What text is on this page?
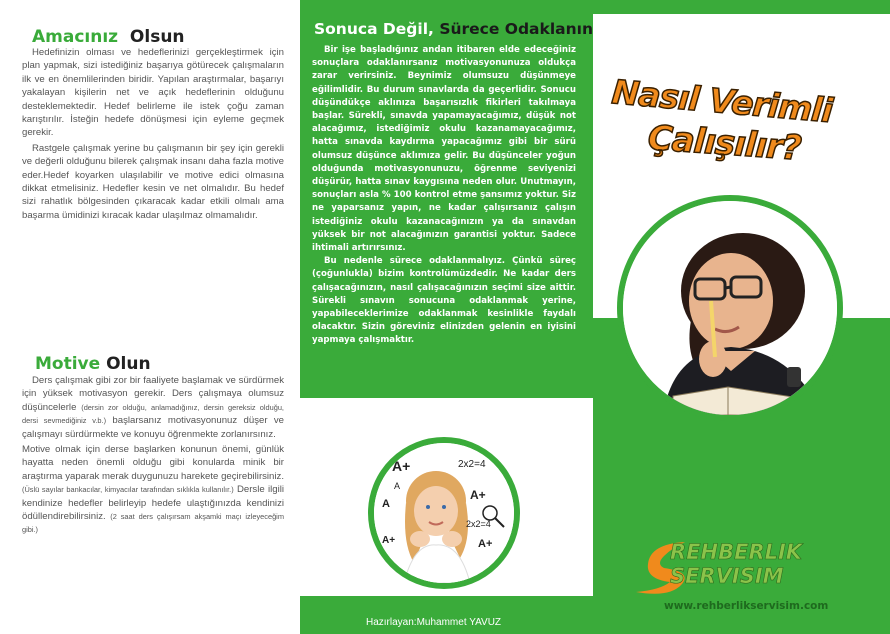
Amacınız Olsun

Hedefinizin olması ve hedeflerinizi gerçekleştirmek için plan yapmak, sizi istediğiniz başarıya götürecek çalışmaların ilk ve en önemlilerinden biridir. Yapılan araştırmalar, başarıyı yakalayan kişilerin net ve açık hedeflerinin olduğunu desteklemektedir. Hedef belirleme ile istek çoğu zaman karıştırılır. İsteğin hedefe dönüşmesi için eyleme geçmek gerekir.

Rastgele çalışmak yerine bu çalışmanın bir şey için gerekli ve değerli olduğunu bilerek çalışmak insanı daha fazla motive eder.Hedef koyarken ulaşılabilir ve motive edici olmasına dikkat etmelisiniz. Hedefler kesin ve net olmalıdır. Bu hedef sizi rahatlık bölgesinden çıkaracak kadar etkili olmalı ama başarma ümidinizi kıracak kadar ulaşılmaz olmamalıdır.

Motive Olun

Ders çalışmak gibi zor bir faaliyete başlamak ve sürdürmek için yüksek motivasyon gerekir. Ders çalışmaya olumsuz düşüncelerle (dersin zor olduğu, anlamadığınız, dersin gereksiz olduğu, dersi sevmediğiniz v.b.) başlarsanız motivasyonunuz düşer ve çalışmayı sürdürmekte ve konuyu öğrenmekte zorlanırsınız.

Motive olmak için derse başlarken konunun önemi, günlük hayatta neden önemli olduğu gibi konularda minik bir araştırma yaparak merak duygunuzu harekete geçirebilirsiniz. (Üslü sayılar bankacılar, kimyacılar tarafından sıklıkla kullanılır.) Dersle ilgili kendinize hedefler belirleyip hedefe ulaştığınızda kendinizi ödüllendirebilirsiniz. (2 saat ders çalışırsam akşamki maçı izleyeceğim gibi.)

Sonuca Değil, Sürece Odaklanın

Bir işe başladığınız andan itibaren elde edeceğiniz sonuçlara odaklanırsanız motivasyonunuza oldukça zarar verirsiniz. Beynimiz olumsuzu düşünmeye eğilimlidir. Bu durum sınavlarda da geçerlidir. Sonucu düşündükçe aklınıza başarısızlık fikirleri takılmaya başlar. Sürekli, sınavda yapamayacağımız, düşük not alacağımız, istediğimiz okulu kazanamayacağımız, hatta sınavda kaydırma yapacağımız gibi bir sürü olumsuz düşünce aklımıza gelir. Bu düşünceler yoğun olduğunda motivasyonunuzu, öğrenme seviyenizi düşürür, hatta sınav kaygısına neden olur. Unutmayın, sonuçları asla % 100 kontrol etme şansımız yoktur. Siz ne yaparsanız yapın, ne kadar çalışırsanız çalışın istediğiniz okulu kazanacağınızın ya da sınavdan yüksek bir not alacağınızın garantisi yoktur. Sadece ihtimali artırırsınız.

Bu nedenle sürece odaklanmalıyız. Çünkü süreç (çoğunlukla) bizim kontrolümüzdedir. Ne kadar ders çalışacağınızın, nasıl çalışacağınızın seçimi size aittir. Sürekli sınavın sonucuna odaklanmak yerine, yapabileceklerimize odaklanmak kesinlikle faydalı olacaktır. Sizin göreviniz elinizden gelenin en iyisini yapmaya çalışmaktır.

Nasıl Verimli
Çalışılır?
A+	2x2=4
A+
A
A+
2x2=4
A+
A
REHBERLIK
SERVISIM
www.rehberlikservisim.com
Hazırlayan:Muhammet YAVUZ
